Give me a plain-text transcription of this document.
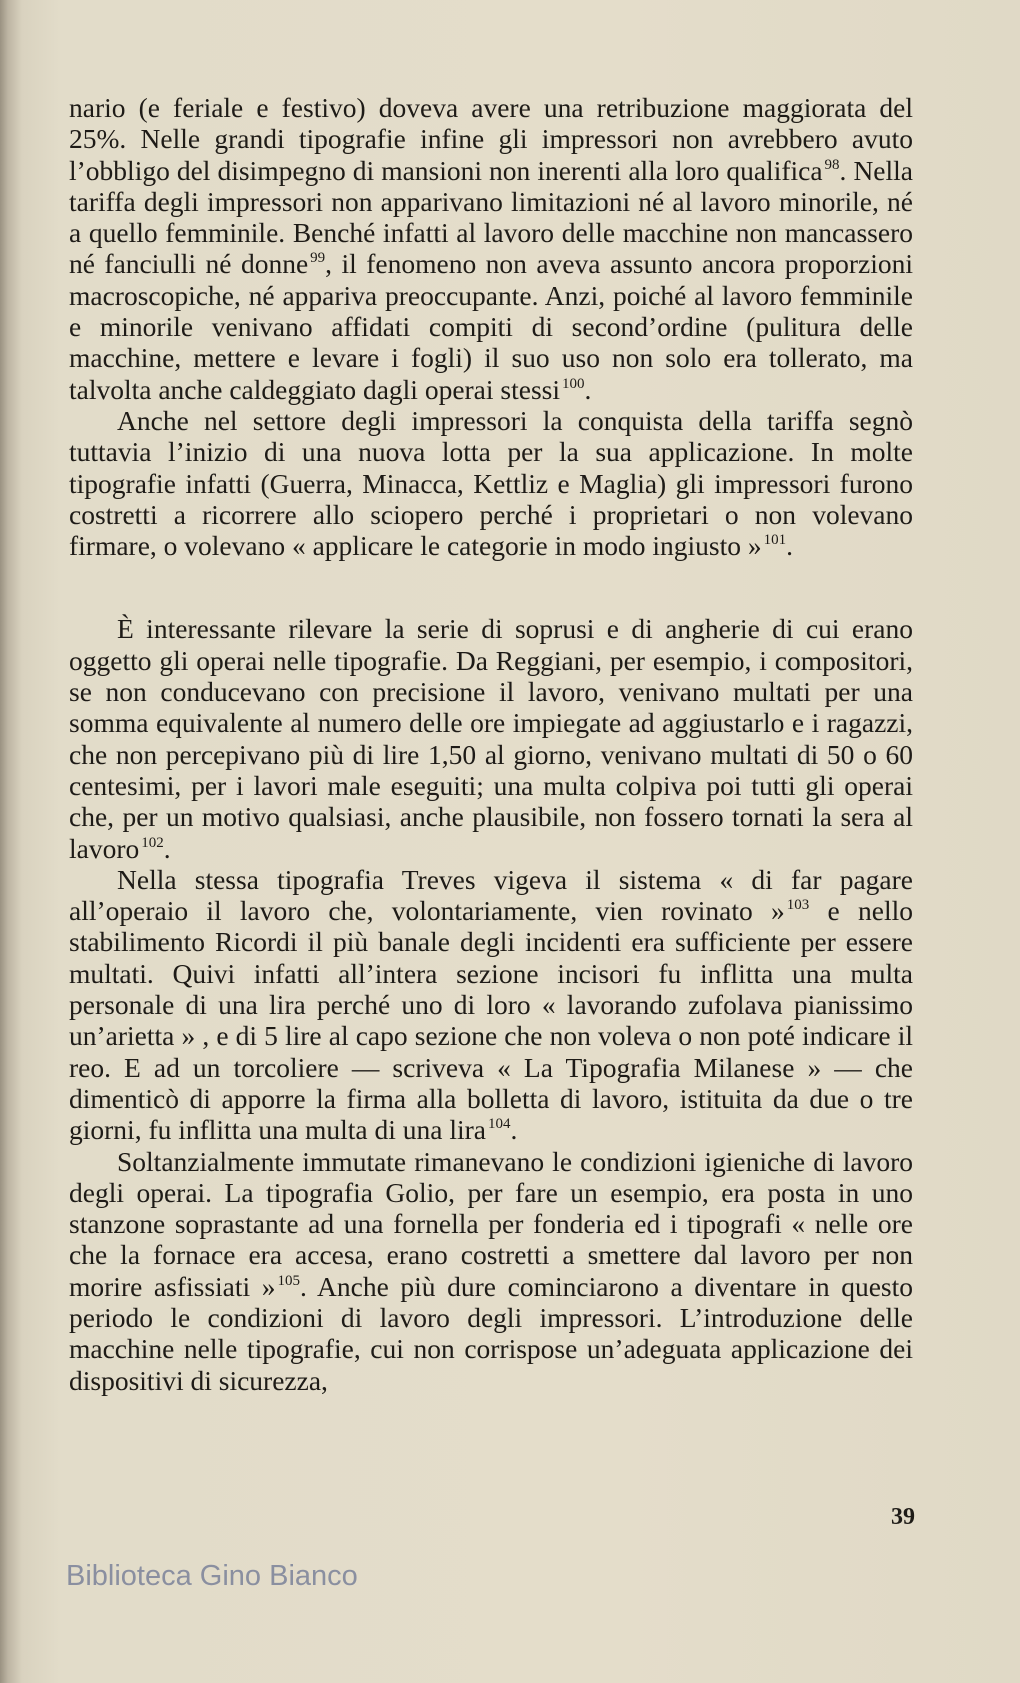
nario (e feriale e festivo) doveva avere una retribuzione maggiorata del 25%. Nelle grandi tipografie infine gli impressori non avrebbero avuto l’obbligo del disimpegno di mansioni non inerenti alla loro qualifica $^{98}$. Nella tariffa degli impressori non apparivano limitazioni né al lavoro minorile, né a quello femminile. Benché infatti al lavoro delle macchine non mancassero né fanciulli né donne $^{99}$, il fenomeno non aveva assunto ancora proporzioni macroscopiche, né appariva preoccupante. Anzi, poiché al lavoro femminile e minorile venivano affidati compiti di second’ordine (pulitura delle macchine, mettere e levare i fogli) il suo uso non solo era tollerato, ma talvolta anche caldeggiato dagli operai stessi $^{100}$.

Anche nel settore degli impressori la conquista della tariffa segnò tuttavia l’inizio di una nuova lotta per la sua applicazione. In molte tipografie infatti (Guerra, Minacca, Kettliz e Maglia) gli impressori furono costretti a ricorrere allo sciopero perché i proprietari o non volevano firmare, o volevano « applicare le categorie in modo ingiusto » $^{101}$.

È interessante rilevare la serie di soprusi e di angherie di cui erano oggetto gli operai nelle tipografie. Da Reggiani, per esempio, i compositori, se non conducevano con precisione il lavoro, venivano multati per una somma equivalente al numero delle ore impiegate ad aggiustarlo e i ragazzi, che non percepivano più di lire 1,50 al giorno, venivano multati di 50 o 60 centesimi, per i lavori male eseguiti; una multa colpiva poi tutti gli operai che, per un motivo qualsiasi, anche plausibile, non fossero tornati la sera al lavoro $^{102}$.

Nella stessa tipografia Treves vigeva il sistema « di far pagare all’operaio il lavoro che, volontariamente, vien rovinato » $^{103}$ e nello stabilimento Ricordi il più banale degli incidenti era sufficiente per essere multati. Quivi infatti all’intera sezione incisori fu inflitta una multa personale di una lira perché uno di loro « lavorando zufolava pianissimo un’arietta » , e di 5 lire al capo sezione che non voleva o non poté indicare il reo. E ad un torcoliere — scriveva « La Tipografia Milanese » — che dimenticò di apporre la firma alla bolletta di lavoro, istituita da due o tre giorni, fu inflitta una multa di una lira $^{104}$.

Soltanzialmente immutate rimanevano le condizioni igieniche di lavoro degli operai. La tipografia Golio, per fare un esempio, era posta in uno stanzone soprastante ad una fornella per fonderia ed i tipografi « nelle ore che la fornace era accesa, erano costretti a smettere dal lavoro per non morire asfissiati » $^{105}$. Anche più dure cominciarono a diventare in questo periodo le condizioni di lavoro degli impressori. L’introduzione delle macchine nelle tipografie, cui non corrispose un’adeguata applicazione dei dispositivi di sicurezza,

39
Biblioteca Gino Bianco
